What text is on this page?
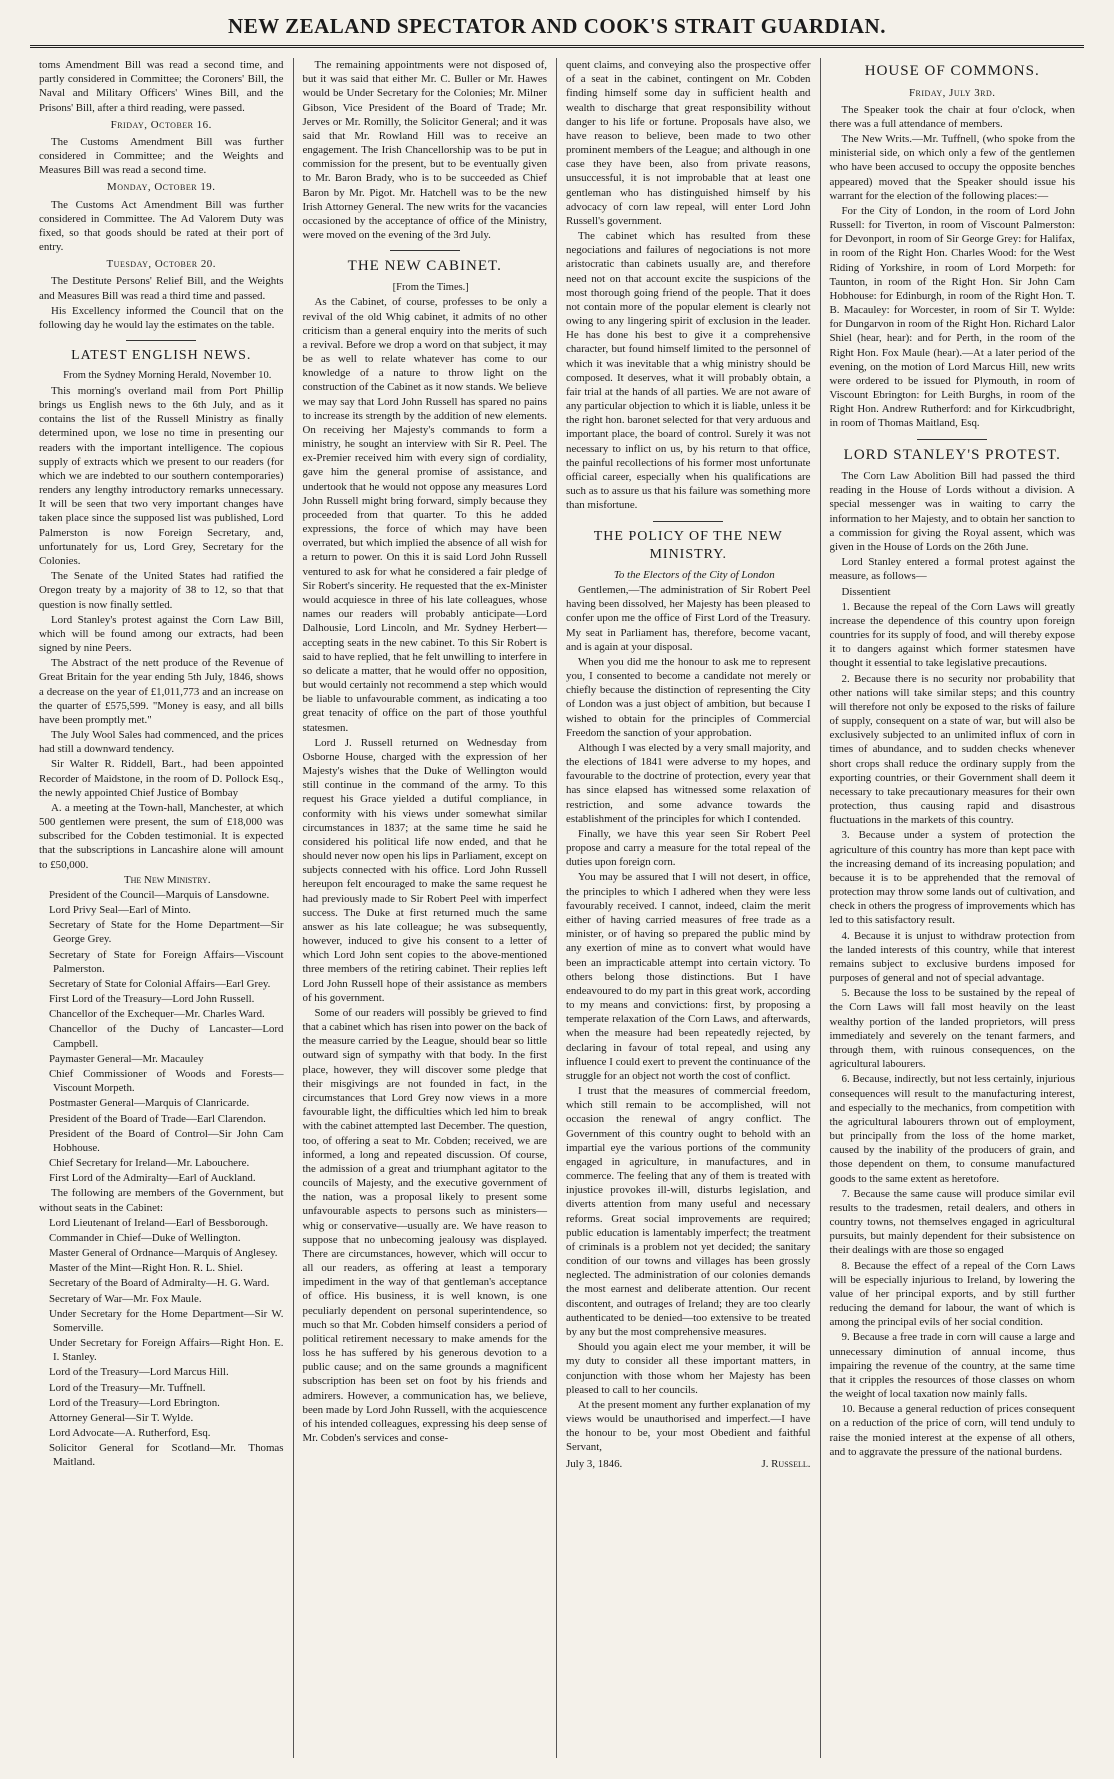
NEW ZEALAND SPECTATOR AND COOK'S STRAIT GUARDIAN.

toms Amendment Bill was read a second time, and partly considered in Committee; the Coroners' Bill, the Naval and Military Officers' Wines Bill, and the Prisons' Bill, after a third reading, were passed.

Friday, October 16.

The Customs Amendment Bill was further considered in Committee; and the Weights and Measures Bill was read a second time.

Monday, October 19.

The Customs Act Amendment Bill was further considered in Committee. The Ad Valorem Duty was fixed, so that goods should be rated at their port of entry.

Tuesday, October 20.

The Destitute Persons' Relief Bill, and the Weights and Measures Bill was read a third time and passed.

His Excellency informed the Council that on the following day he would lay the estimates on the table.

LATEST ENGLISH NEWS.

From the Sydney Morning Herald, November 10.

This morning's overland mail from Port Phillip brings us English news to the 6th July, and as it contains the list of the Russell Ministry as finally determined upon, we lose no time in presenting our readers with the important intelligence. The copious supply of extracts which we present to our readers (for which we are indebted to our southern contemporaries) renders any lengthy introductory remarks unnecessary. It will be seen that two very important changes have taken place since the supposed list was published, Lord Palmerston is now Foreign Secretary, and, unfortunately for us, Lord Grey, Secretary for the Colonies.

The Senate of the United States had ratified the Oregon treaty by a majority of 38 to 12, so that that question is now finally settled.

Lord Stanley's protest against the Corn Law Bill, which will be found among our extracts, had been signed by nine Peers.

The Abstract of the nett produce of the Revenue of Great Britain for the year ending 5th July, 1846, shows a decrease on the year of £1,011,773 and an increase on the quarter of £575,599. "Money is easy, and all bills have been promptly met."

The July Wool Sales had commenced, and the prices had still a downward tendency.

Sir Walter R. Riddell, Bart., had been appointed Recorder of Maidstone, in the room of D. Pollock Esq., the newly appointed Chief Justice of Bombay

A. a meeting at the Town-hall, Manchester, at which 500 gentlemen were present, the sum of £18,000 was subscribed for the Cobden testimonial. It is expected that the subscriptions in Lancashire alone will amount to £50,000.

The New Ministry.

President of the Council—Marquis of Lansdowne.

Lord Privy Seal—Earl of Minto.

Secretary of State for the Home Department—Sir George Grey.

Secretary of State for Foreign Affairs—Viscount Palmerston.

Secretary of State for Colonial Affairs—Earl Grey.

First Lord of the Treasury—Lord John Russell.

Chancellor of the Exchequer—Mr. Charles Ward.

Chancellor of the Duchy of Lancaster—Lord Campbell.

Paymaster General—Mr. Macauley

Chief Commissioner of Woods and Forests—Viscount Morpeth.

Postmaster General—Marquis of Clanricarde.

President of the Board of Trade—Earl Clarendon.

President of the Board of Control—Sir John Cam Hobhouse.

Chief Secretary for Ireland—Mr. Labouchere.

First Lord of the Admiralty—Earl of Auckland.

The following are members of the Government, but without seats in the Cabinet:

Lord Lieutenant of Ireland—Earl of Bessborough.

Commander in Chief—Duke of Wellington.

Master General of Ordnance—Marquis of Anglesey.

Master of the Mint—Right Hon. R. L. Shiel.

Secretary of the Board of Admiralty—H. G. Ward.

Secretary of War—Mr. Fox Maule.

Under Secretary for the Home Department—Sir W. Somerville.

Under Secretary for Foreign Affairs—Right Hon. E. I. Stanley.

Lord of the Treasury—Lord Marcus Hill.

Lord of the Treasury—Mr. Tuffnell.

Lord of the Treasury—Lord Ebrington.

Attorney General—Sir T. Wylde.

Lord Advocate—A. Rutherford, Esq.

Solicitor General for Scotland—Mr. Thomas Maitland.

The remaining appointments were not disposed of, but it was said that either Mr. C. Buller or Mr. Hawes would be Under Secretary for the Colonies; Mr. Milner Gibson, Vice President of the Board of Trade; Mr. Jerves or Mr. Romilly, the Solicitor General; and it was said that Mr. Rowland Hill was to receive an engagement. The Irish Chancellorship was to be put in commission for the present, but to be eventually given to Mr. Baron Brady, who is to be succeeded as Chief Baron by Mr. Pigot. Mr. Hatchell was to be the new Irish Attorney General. The new writs for the vacancies occasioned by the acceptance of office of the Ministry, were moved on the evening of the 3rd July.

THE NEW CABINET.

[From the Times.]

As the Cabinet, of course, professes to be only a revival of the old Whig cabinet, it admits of no other criticism than a general enquiry into the merits of such a revival. Before we drop a word on that subject, it may be as well to relate whatever has come to our knowledge of a nature to throw light on the construction of the Cabinet as it now stands. We believe we may say that Lord John Russell has spared no pains to increase its strength by the addition of new elements. On receiving her Majesty's commands to form a ministry, he sought an interview with Sir R. Peel. The ex-Premier received him with every sign of cordiality, gave him the general promise of assistance, and undertook that he would not oppose any measures Lord John Russell might bring forward, simply because they proceeded from that quarter. To this he added expressions, the force of which may have been overrated, but which implied the absence of all wish for a return to power. On this it is said Lord John Russell ventured to ask for what he considered a fair pledge of Sir Robert's sincerity. He requested that the ex-Minister would acquiesce in three of his late colleagues, whose names our readers will probably anticipate—Lord Dalhousie, Lord Lincoln, and Mr. Sydney Herbert—accepting seats in the new cabinet. To this Sir Robert is said to have replied, that he felt unwilling to interfere in so delicate a matter, that he would offer no opposition, but would certainly not recommend a step which would be liable to unfavourable comment, as indicating a too great tenacity of office on the part of those youthful statesmen.

Lord J. Russell returned on Wednesday from Osborne House, charged with the expression of her Majesty's wishes that the Duke of Wellington would still continue in the command of the army. To this request his Grace yielded a dutiful compliance, in conformity with his views under somewhat similar circumstances in 1837; at the same time he said he considered his political life now ended, and that he should never now open his lips in Parliament, except on subjects connected with his office. Lord John Russell hereupon felt encouraged to make the same request he had previously made to Sir Robert Peel with imperfect success. The Duke at first returned much the same answer as his late colleague; he was subsequently, however, induced to give his consent to a letter of which Lord John sent copies to the above-mentioned three members of the retiring cabinet. Their replies left Lord John Russell hope of their assistance as members of his government.

Some of our readers will possibly be grieved to find that a cabinet which has risen into power on the back of the measure carried by the League, should bear so little outward sign of sympathy with that body. In the first place, however, they will discover some pledge that their misgivings are not founded in fact, in the circumstances that Lord Grey now views in a more favourable light, the difficulties which led him to break with the cabinet attempted last December. The question, too, of offering a seat to Mr. Cobden; received, we are informed, a long and repeated discussion. Of course, the admission of a great and triumphant agitator to the councils of Majesty, and the executive government of the nation, was a proposal likely to present some unfavourable aspects to persons such as ministers—whig or conservative—usually are. We have reason to suppose that no unbecoming jealousy was displayed. There are circumstances, however, which will occur to all our readers, as offering at least a temporary impediment in the way of that gentleman's acceptance of office. His business, it is well known, is one peculiarly dependent on personal superintendence, so much so that Mr. Cobden himself considers a period of political retirement necessary to make amends for the loss he has suffered by his generous devotion to a public cause; and on the same grounds a magnificent subscription has been set on foot by his friends and admirers. However, a communication has, we believe, been made by Lord John Russell, with the acquiescence of his intended colleagues, expressing his deep sense of Mr. Cobden's services and conse-

quent claims, and conveying also the prospective offer of a seat in the cabinet, contingent on Mr. Cobden finding himself some day in sufficient health and wealth to discharge that great responsibility without danger to his life or fortune. Proposals have also, we have reason to believe, been made to two other prominent members of the League; and although in one case they have been, also from private reasons, unsuccessful, it is not improbable that at least one gentleman who has distinguished himself by his advocacy of corn law repeal, will enter Lord John Russell's government.

The cabinet which has resulted from these negociations and failures of negociations is not more aristocratic than cabinets usually are, and therefore need not on that account excite the suspicions of the most thorough going friend of the people. That it does not contain more of the popular element is clearly not owing to any lingering spirit of exclusion in the leader. He has done his best to give it a comprehensive character, but found himself limited to the personnel of which it was inevitable that a whig ministry should be composed. It deserves, what it will probably obtain, a fair trial at the hands of all parties. We are not aware of any particular objection to which it is liable, unless it be the right hon. baronet selected for that very arduous and important place, the board of control. Surely it was not necessary to inflict on us, by his return to that office, the painful recollections of his former most unfortunate official career, especially when his qualifications are such as to assure us that his failure was something more than misfortune.

THE POLICY OF THE NEW MINISTRY.

To the Electors of the City of London

Gentlemen,—The administration of Sir Robert Peel having been dissolved, her Majesty has been pleased to confer upon me the office of First Lord of the Treasury. My seat in Parliament has, therefore, become vacant, and is again at your disposal.

When you did me the honour to ask me to represent you, I consented to become a candidate not merely or chiefly because the distinction of representing the City of London was a just object of ambition, but because I wished to obtain for the principles of Commercial Freedom the sanction of your approbation.

Although I was elected by a very small majority, and the elections of 1841 were adverse to my hopes, and favourable to the doctrine of protection, every year that has since elapsed has witnessed some relaxation of restriction, and some advance towards the establishment of the principles for which I contended.

Finally, we have this year seen Sir Robert Peel propose and carry a measure for the total repeal of the duties upon foreign corn.

You may be assured that I will not desert, in office, the principles to which I adhered when they were less favourably received. I cannot, indeed, claim the merit either of having carried measures of free trade as a minister, or of having so prepared the public mind by any exertion of mine as to convert what would have been an impracticable attempt into certain victory. To others belong those distinctions. But I have endeavoured to do my part in this great work, according to my means and convictions: first, by proposing a temperate relaxation of the Corn Laws, and afterwards, when the measure had been repeatedly rejected, by declaring in favour of total repeal, and using any influence I could exert to prevent the continuance of the struggle for an object not worth the cost of conflict.

I trust that the measures of commercial freedom, which still remain to be accomplished, will not occasion the renewal of angry conflict. The Government of this country ought to behold with an impartial eye the various portions of the community engaged in agriculture, in manufactures, and in commerce. The feeling that any of them is treated with injustice provokes ill-will, disturbs legislation, and diverts attention from many useful and necessary reforms. Great social improvements are required; public education is lamentably imperfect; the treatment of criminals is a problem not yet decided; the sanitary condition of our towns and villages has been grossly neglected. The administration of our colonies demands the most earnest and deliberate attention. Our recent discontent, and outrages of Ireland; they are too clearly authenticated to be denied—too extensive to be treated by any but the most comprehensive measures.

Should you again elect me your member, it will be my duty to consider all these important matters, in conjunction with those whom her Majesty has been pleased to call to her councils.

At the present moment any further explanation of my views would be unauthorised and imperfect.—I have the honour to be, your most Obedient and faithful Servant,

July 3, 1846.	J. Russell.
HOUSE OF COMMONS.

Friday, July 3rd.

The Speaker took the chair at four o'clock, when there was a full attendance of members.

The New Writs.—Mr. Tuffnell, (who spoke from the ministerial side, on which only a few of the gentlemen who have been accused to occupy the opposite benches appeared) moved that the Speaker should issue his warrant for the election of the following places:—

For the City of London, in the room of Lord John Russell: for Tiverton, in room of Viscount Palmerston: for Devonport, in room of Sir George Grey: for Halifax, in room of the Right Hon. Charles Wood: for the West Riding of Yorkshire, in room of Lord Morpeth: for Taunton, in room of the Right Hon. Sir John Cam Hobhouse: for Edinburgh, in room of the Right Hon. T. B. Macauley: for Worcester, in room of Sir T. Wylde: for Dungarvon in room of the Right Hon. Richard Lalor Shiel (hear, hear): and for Perth, in the room of the Right Hon. Fox Maule (hear).—At a later period of the evening, on the motion of Lord Marcus Hill, new writs were ordered to be issued for Plymouth, in room of Viscount Ebrington: for Leith Burghs, in room of the Right Hon. Andrew Rutherford: and for Kirkcudbright, in room of Thomas Maitland, Esq.

LORD STANLEY'S PROTEST.

The Corn Law Abolition Bill had passed the third reading in the House of Lords without a division. A special messenger was in waiting to carry the information to her Majesty, and to obtain her sanction to a commission for giving the Royal assent, which was given in the House of Lords on the 26th June.

Lord Stanley entered a formal protest against the measure, as follows—

Dissentient

1. Because the repeal of the Corn Laws will greatly increase the dependence of this country upon foreign countries for its supply of food, and will thereby expose it to dangers against which former statesmen have thought it essential to take legislative precautions.

2. Because there is no security nor probability that other nations will take similar steps; and this country will therefore not only be exposed to the risks of failure of supply, consequent on a state of war, but will also be exclusively subjected to an unlimited influx of corn in times of abundance, and to sudden checks whenever short crops shall reduce the ordinary supply from the exporting countries, or their Government shall deem it necessary to take precautionary measures for their own protection, thus causing rapid and disastrous fluctuations in the markets of this country.

3. Because under a system of protection the agriculture of this country has more than kept pace with the increasing demand of its increasing population; and because it is to be apprehended that the removal of protection may throw some lands out of cultivation, and check in others the progress of improvements which has led to this satisfactory result.

4. Because it is unjust to withdraw protection from the landed interests of this country, while that interest remains subject to exclusive burdens imposed for purposes of general and not of special advantage.

5. Because the loss to be sustained by the repeal of the Corn Laws will fall most heavily on the least wealthy portion of the landed proprietors, will press immediately and severely on the tenant farmers, and through them, with ruinous consequences, on the agricultural labourers.

6. Because, indirectly, but not less certainly, injurious consequences will result to the manufacturing interest, and especially to the mechanics, from competition with the agricultural labourers thrown out of employment, but principally from the loss of the home market, caused by the inability of the producers of grain, and those dependent on them, to consume manufactured goods to the same extent as heretofore.

7. Because the same cause will produce similar evil results to the tradesmen, retail dealers, and others in country towns, not themselves engaged in agricultural pursuits, but mainly dependent for their subsistence on their dealings with are those so engaged

8. Because the effect of a repeal of the Corn Laws will be especially injurious to Ireland, by lowering the value of her principal exports, and by still further reducing the demand for labour, the want of which is among the principal evils of her social condition.

9. Because a free trade in corn will cause a large and unnecessary diminution of annual income, thus impairing the revenue of the country, at the same time that it cripples the resources of those classes on whom the weight of local taxation now mainly falls.

10. Because a general reduction of prices consequent on a reduction of the price of corn, will tend unduly to raise the monied interest at the expense of all others, and to aggravate the pressure of the national burdens.
